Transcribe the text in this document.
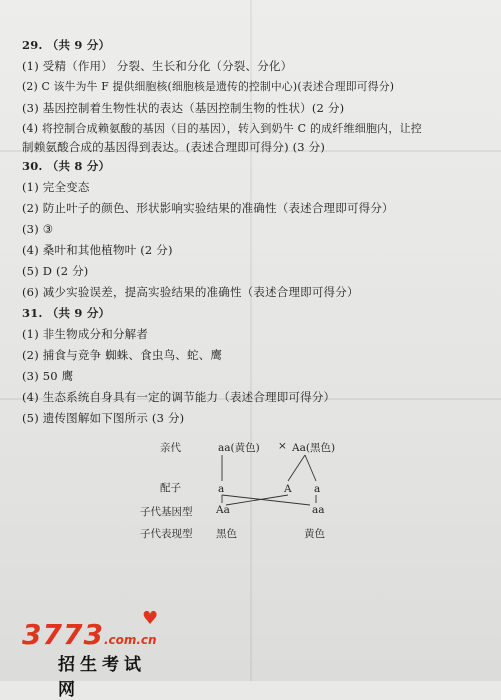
29. （共 9 分）
(1) 受精（作用） 分裂、生长和分化（分裂、分化）
(2) C 该牛为牛 F 提供细胞核(细胞核是遗传的控制中心)(表述合理即可得分)
(3) 基因控制着生物性状的表达（基因控制生物的性状）(2 分)
(4) 将控制合成赖氨酸的基因（目的基因），转入到奶牛 C 的成纤维细胞内，让控
制赖氨酸合成的基因得到表达。(表述合理即可得分) (3 分)
30. （共 8 分）
(1) 完全变态
(2) 防止叶子的颜色、形状影响实验结果的准确性（表述合理即可得分）
(3) ③
(4) 桑叶和其他植物叶 (2 分)
(5) D (2 分)
(6) 减少实验误差，提高实验结果的准确性（表述合理即可得分）
31. （共 9 分）
(1) 非生物成分和分解者
(2) 捕食与竞争 蜘蛛、食虫鸟、蛇、鹰
(3) 50 鹰
(4) 生态系统自身具有一定的调节能力（表述合理即可得分）
(5) 遗传图解如下图所示 (3 分)
亲代	aa(黄色) × Aa(黑色)
配子	a	A a
子代基因型 Aa	aa
子代表现型 黑色	黄色
3773.com.cn
♥
招生考试网
